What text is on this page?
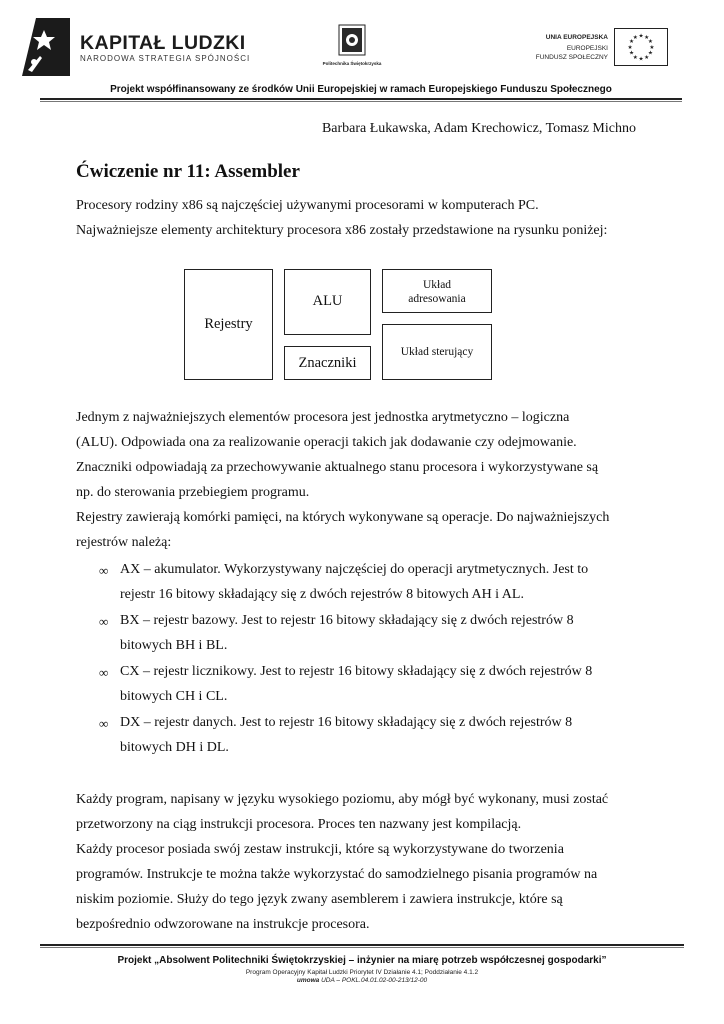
KAPITAŁ LUDZKI
NARODOWA STRATEGIA SPÓJNOŚCI
Politechnika Świętokrzyska
UNIA EUROPEJSKA
EUROPEJSKI
FUNDUSZ SPOŁECZNY
★ ★
★
★
★
★
★
★
★
★
★
★
Projekt współfinansowany ze środków Unii Europejskiej w ramach Europejskiego Funduszu Społecznego
Barbara Łukawska, Adam Krechowicz, Tomasz Michno
Ćwiczenie nr 11: Assembler
Procesory rodziny x86 są najczęściej używanymi procesorami w komputerach PC.
Najważniejsze elementy architektury procesora x86 zostały przedstawione na rysunku poniżej:
Rejestry
ALU
Znaczniki
Układ
adresowania
Układ sterujący
Jednym z najważniejszych elementów procesora jest jednostka arytmetyczno – logiczna
(ALU). Odpowiada ona za realizowanie operacji takich jak dodawanie czy odejmowanie.
Znaczniki odpowiadają za przechowywanie aktualnego stanu procesora i wykorzystywane są
np. do sterowania przebiegiem programu.
Rejestry zawierają komórki pamięci, na których wykonywane są operacje. Do najważniejszych
rejestrów należą:
∞ AX – akumulator. Wykorzystywany najczęściej do operacji arytmetycznych. Jest to
rejestr 16 bitowy składający się z dwóch rejestrów 8 bitowych AH i AL.
∞ BX – rejestr bazowy. Jest to rejestr 16 bitowy składający się z dwóch rejestrów 8
bitowych BH i BL.
∞ CX – rejestr licznikowy. Jest to rejestr 16 bitowy składający się z dwóch rejestrów 8
bitowych CH i CL.
∞ DX – rejestr danych. Jest to rejestr 16 bitowy składający się z dwóch rejestrów 8
bitowych DH i DL.
Każdy program, napisany w języku wysokiego poziomu, aby mógł być wykonany, musi zostać
przetworzony na ciąg instrukcji procesora. Proces ten nazwany jest kompilacją.
Każdy procesor posiada swój zestaw instrukcji, które są wykorzystywane do tworzenia
programów. Instrukcje te można także wykorzystać do samodzielnego pisania programów na
niskim poziomie. Służy do tego język zwany asemblerem i zawiera instrukcje, które są
bezpośrednio odwzorowane na instrukcje procesora.
Projekt „Absolwent Politechniki Świętokrzyskiej – inżynier na miarę potrzeb współczesnej gospodarki”
Program Operacyjny Kapitał Ludzki Priorytet IV Działanie 4.1; Poddziałanie 4.1.2
umowa UDA – POKL.04.01.02-00-213/12-00
